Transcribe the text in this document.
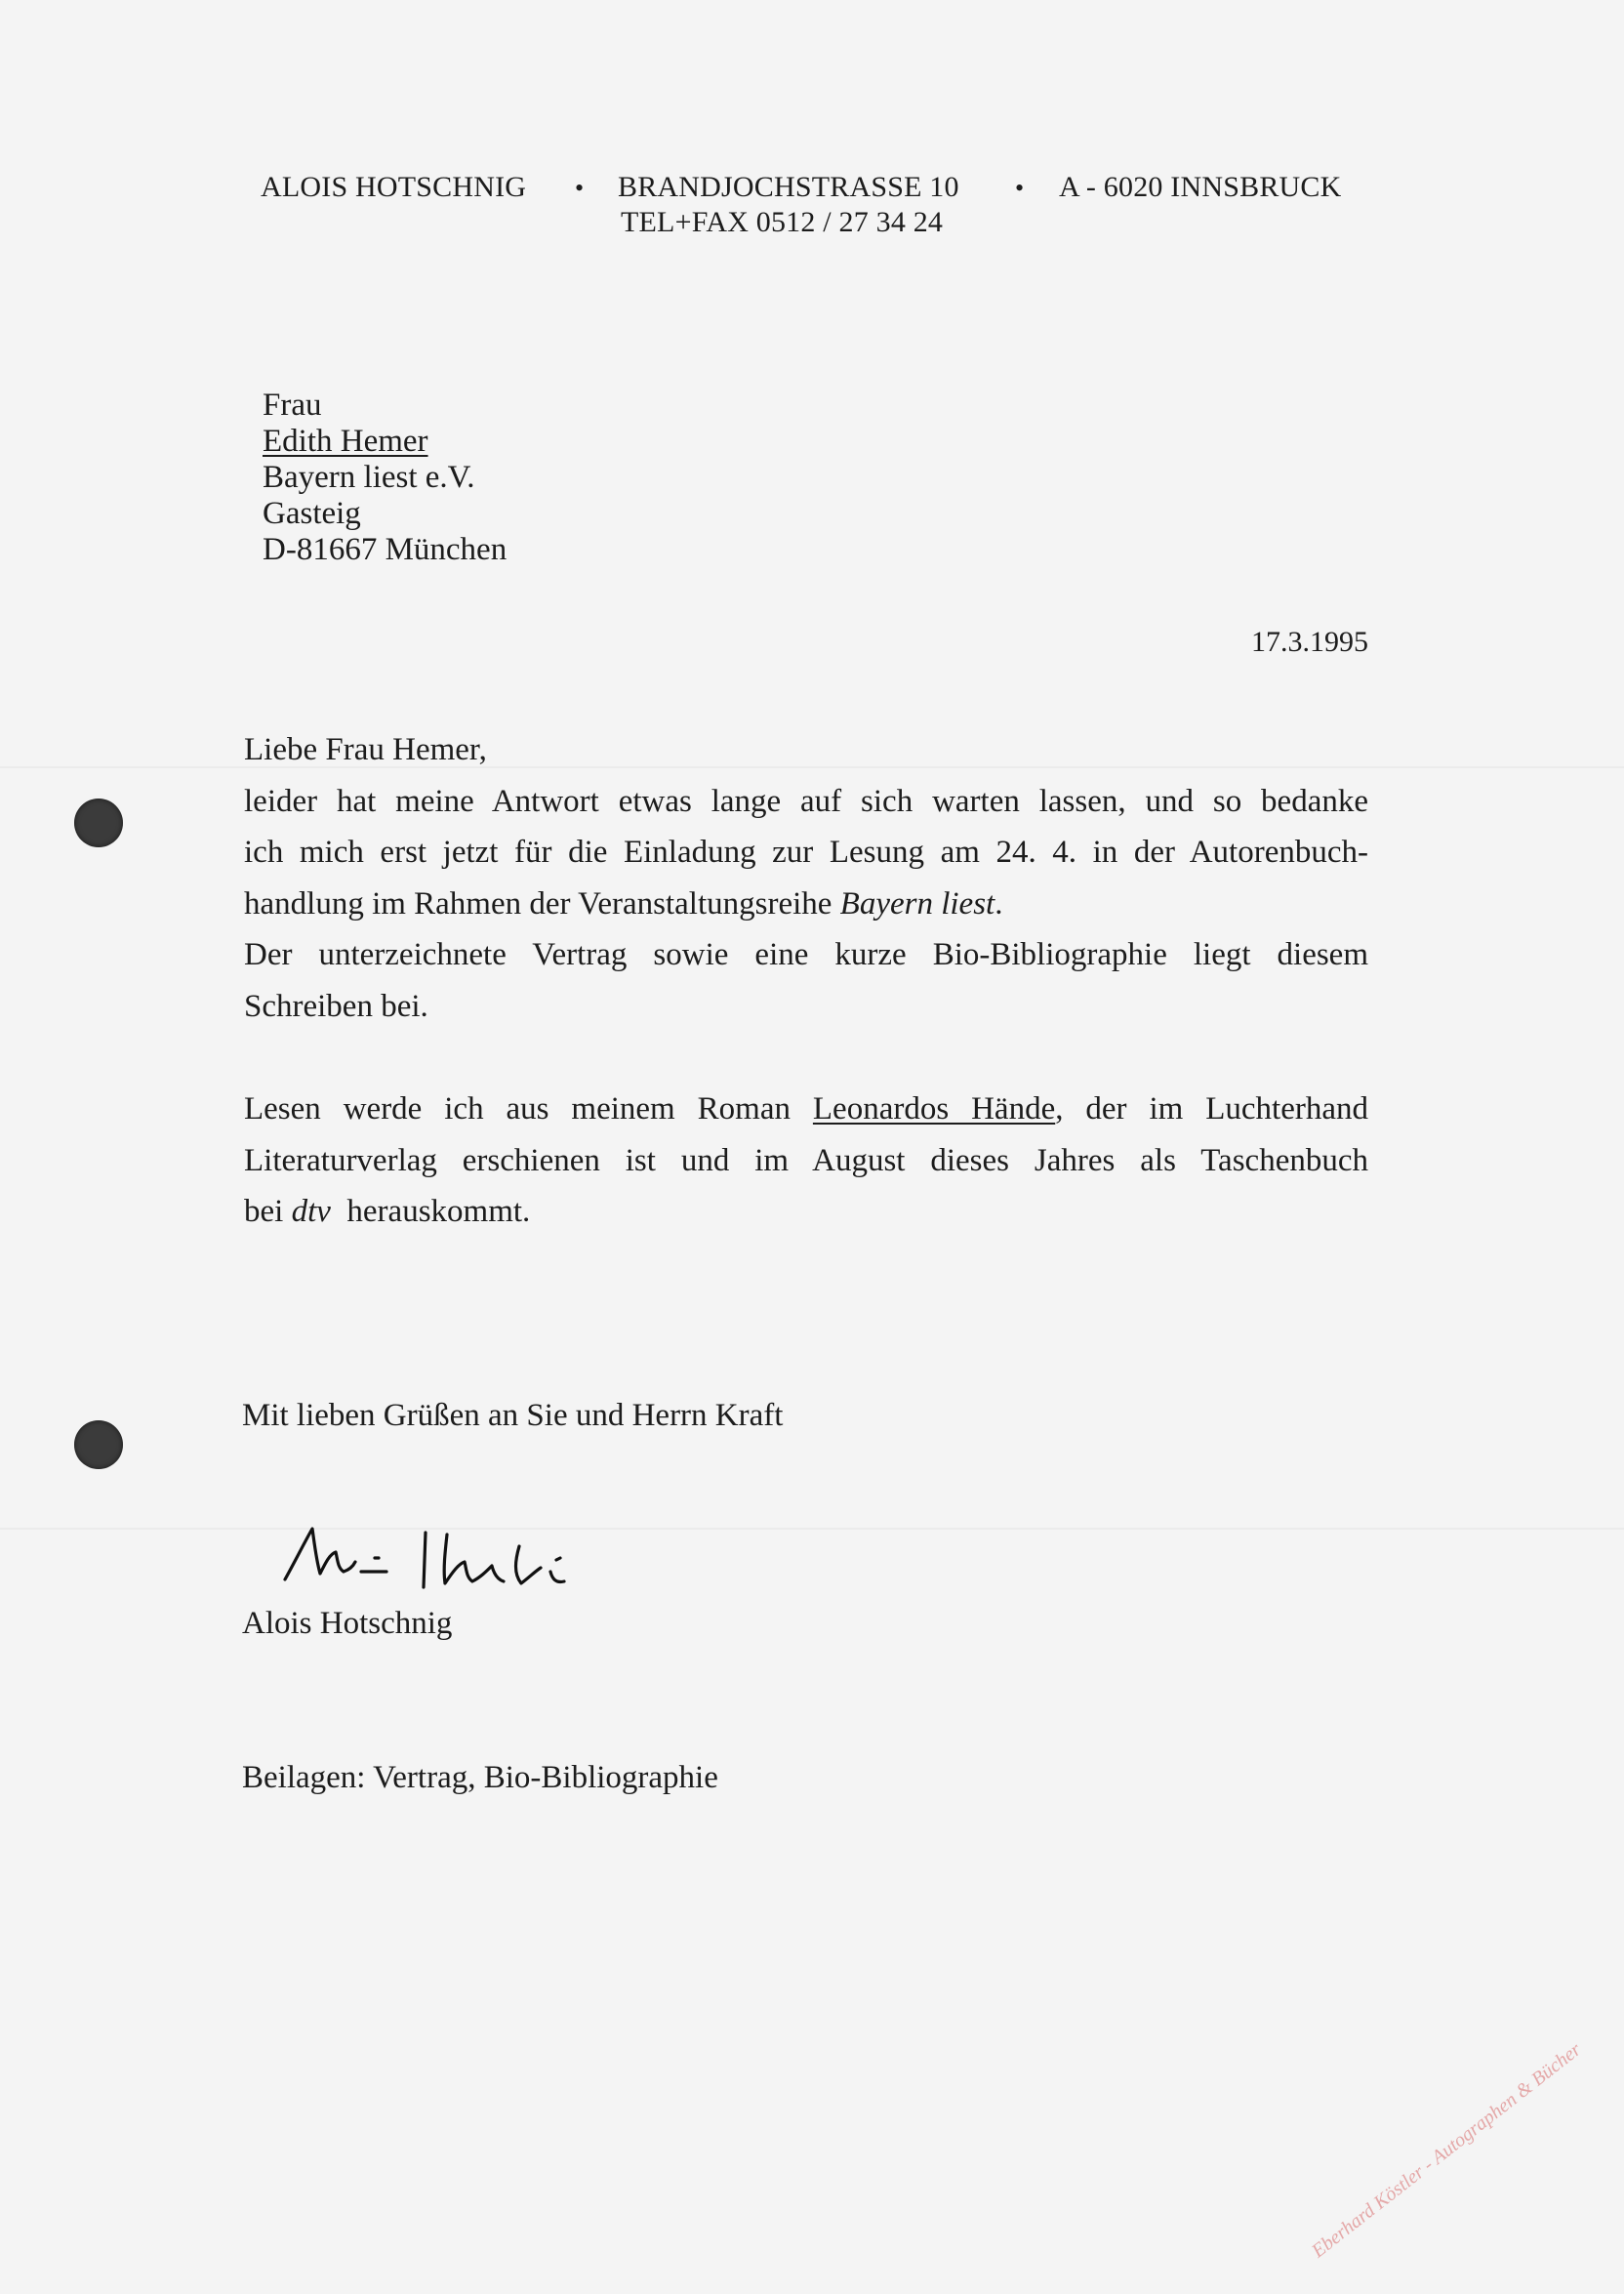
ALOIS HOTSCHNIG • BRANDJOCHSTRASSE 10 • A - 6020 INNSBRUCK
TEL+FAX 0512 / 27 34 24
Frau
Edith Hemer
Bayern liest e.V.
Gasteig
D-81667 München
17.3.1995

Liebe Frau Hemer,

leider hat meine Antwort etwas lange auf sich warten lassen, und so bedanke

ich mich erst jetzt für die Einladung zur Lesung am 24. 4. in der Autorenbuch-

handlung im Rahmen der Veranstaltungsreihe Bayern liest.

Der unterzeichnete Vertrag sowie eine kurze Bio-Bibliographie liegt diesem

Schreiben bei.

Lesen werde ich aus meinem Roman Leonardos Hände, der im Luchterhand

Literaturverlag erschienen ist und im August dieses Jahres als Taschenbuch

bei dtv  herauskommt.

Mit lieben Grüßen an Sie und Herrn Kraft
Alois Hotschnig
Beilagen: Vertrag, Bio-Bibliographie
Eberhard Köstler - Autographen & Bücher
